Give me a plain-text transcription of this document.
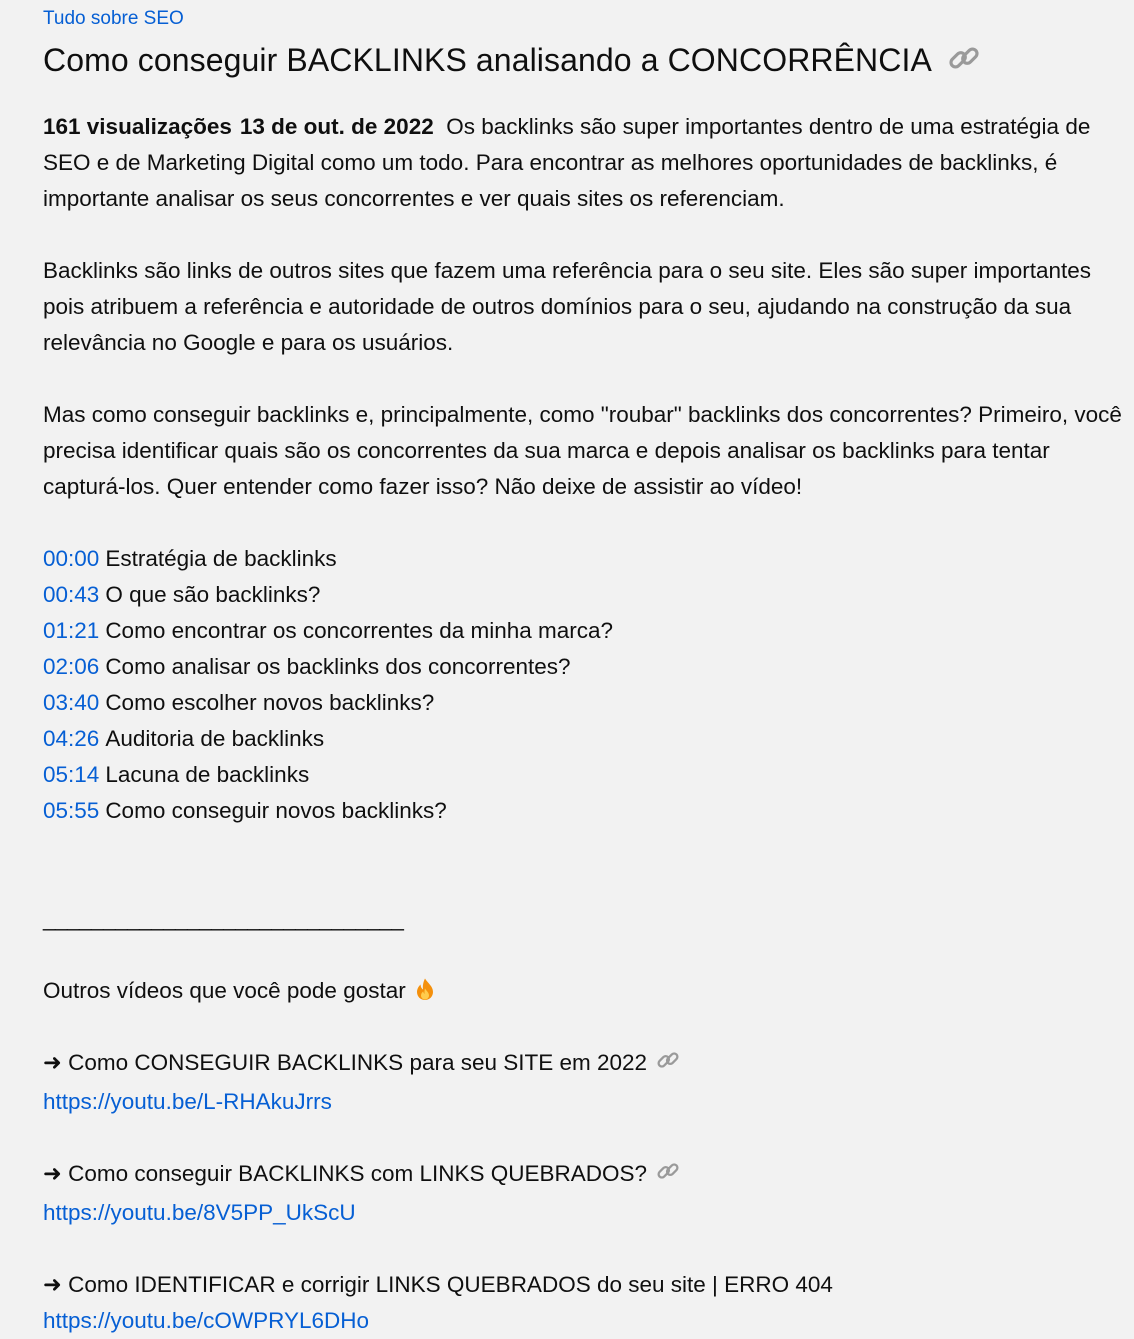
Tudo sobre SEO
Como conseguir BACKLINKS analisando a CONCORRÊNCIA

161 visualizações 13 de out. de 2022 Os backlinks são super importantes dentro de uma estratégia de SEO e de Marketing Digital como um todo. Para encontrar as melhores oportunidades de backlinks, é importante analisar os seus concorrentes e ver quais sites os referenciam.

Backlinks são links de outros sites que fazem uma referência para o seu site. Eles são super importantes pois atribuem a referência e autoridade de outros domínios para o seu, ajudando na construção da sua relevância no Google e para os usuários.

Mas como conseguir backlinks e, principalmente, como "roubar" backlinks dos concorrentes? Primeiro, você precisa identificar quais são os concorrentes da sua marca e depois analisar os backlinks para tentar capturá-los. Quer entender como fazer isso? Não deixe de assistir ao vídeo!

00:00 Estratégia de backlinks
00:43 O que são backlinks?
01:21 Como encontrar os concorrentes da minha marca?
02:06 Como analisar os backlinks dos concorrentes?
03:40 Como escolher novos backlinks?
04:26 Auditoria de backlinks
05:14 Lacuna de backlinks
05:55 Como conseguir novos backlinks?
______________________________

Outros vídeos que você pode gostar

➜ Como CONSEGUIR BACKLINKS para seu SITE em 2022
https://youtu.be/L-RHAkuJrrs

➜ Como conseguir BACKLINKS com LINKS QUEBRADOS?
https://youtu.be/8V5PP_UkScU

➜ Como IDENTIFICAR e corrigir LINKS QUEBRADOS do seu site | ERRO 404
https://youtu.be/cOWPRYL6DHo
